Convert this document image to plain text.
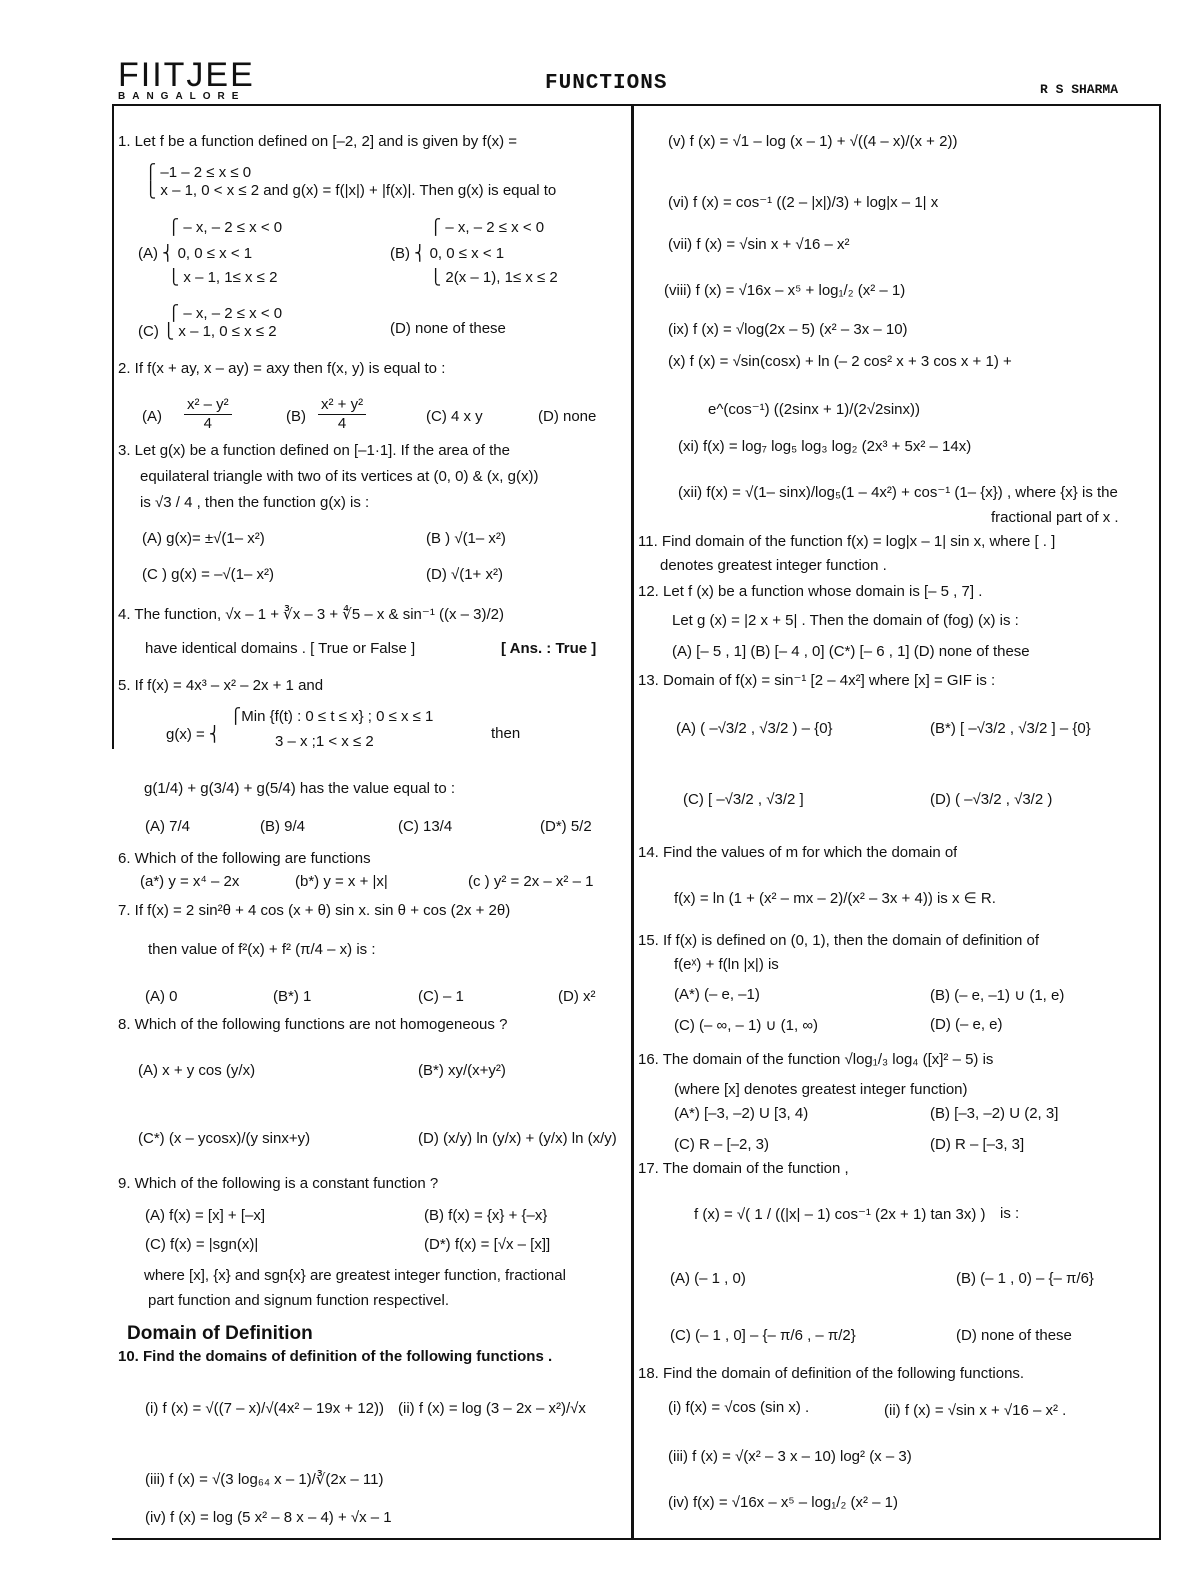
FIITJEE
BANGALORE
FUNCTIONS	R S SHARMA
1. Let f be a function defined on [–2, 2] and is given by f(x) =
⎧ –1 – 2 ≤ x ≤ 0
⎩ x – 1, 0 < x ≤ 2 and g(x) = f(|x|) + |f(x)|. Then g(x) is equal to
⎧ – x, – 2 ≤ x < 0
(A) ⎨ 0, 0 ≤ x < 1
⎩ x – 1, 1≤ x ≤ 2
⎧ – x, – 2 ≤ x < 0
(B) ⎨ 0, 0 ≤ x < 1
⎩ 2(x – 1), 1≤ x ≤ 2
⎧ – x, – 2 ≤ x < 0
(C) ⎩ x – 1, 0 ≤ x ≤ 2	(D) none of these
2. If f(x + ay, x – ay) = axy then f(x, y) is equal to :
(A)	(B)	(C) 4 x y	(D) none
3. Let g(x) be a function defined on [–1·1]. If the area of the
equilateral triangle with two of its vertices at (0, 0) & (x, g(x))
is √3 / 4 , then the function g(x) is :
(A) g(x)= ±√(1– x²)	(B ) √(1– x²)
(C ) g(x) = –√(1– x²)	(D) √(1+ x²)
4. The function, √x – 1 + ∛x – 3 + ∜5 – x & sin⁻¹ ((x – 3)/2)
have identical domains . [ True or False ]	[ Ans. : True ]
5. If f(x) = 4x³ – x² – 2x + 1 and
⎧Min {f(t) : 0 ≤ t ≤ x} ; 0 ≤ x ≤ 1
g(x) = ⎨	then
3 – x ;1 < x ≤ 2
g(1/4) + g(3/4) + g(5/4) has the value equal to :
(A) 7/4	(B) 9/4	(C) 13/4	(D*) 5/2
6. Which of the following are functions
(a*) y = x⁴ – 2x	(b*) y = x + |x|	(c ) y² = 2x – x² – 1
7. If f(x) = 2 sin²θ + 4 cos (x + θ) sin x. sin θ + cos (2x + 2θ)
then value of f²(x) + f² (π/4 – x) is :
(A) 0	(B*) 1	(C) – 1	(D) x²
8. Which of the following functions are not homogeneous ?
(A) x + y cos (y/x)	(B*) xy/(x+y²)
(C*) (x – ycosx)/(y sinx+y)	(D) (x/y) ln (y/x) + (y/x) ln (x/y)
9. Which of the following is a constant function ?
(A) f(x) = [x] + [–x]	(B) f(x) = {x} + {–x}
(C) f(x) = |sgn(x)|	(D*) f(x) = [√x – [x]]
where [x], {x} and sgn{x} are greatest integer function, fractional
part function and signum function respectivel.
10. Find the domains of definition of the following functions .
(i) f (x) = √((7 – x)/√(4x² – 19x + 12)) (ii) f (x) = log (3 – 2x – x²)/√x
(iii) f (x) = √(3 log₆₄ x – 1)/∛(2x – 11)
(iv) f (x) = log (5 x² – 8 x – 4) + √x – 1
(v) f (x) = √1 – log (x – 1) + √((4 – x)/(x + 2))
(vi) f (x) = cos⁻¹ ((2 – |x|)/3) + log|x – 1| x
(vii) f (x) = √sin x + √16 – x²
(viii) f (x) = √16x – x⁵ + log₁/₂ (x² – 1)
(ix) f (x) = √log(2x – 5) (x² – 3x – 10)
(x) f (x) = √sin(cosx) + ln (– 2 cos² x + 3 cos x + 1) +
e^(cos⁻¹) ((2sinx + 1)/(2√2sinx))
(xi) f(x) = log₇ log₅ log₃ log₂ (2x³ + 5x² – 14x)
(xii) f(x) = √(1– sinx)/log₅(1 – 4x²) + cos⁻¹ (1– {x}) , where {x} is the
fractional part of x .
11. Find domain of the function f(x) = log|x – 1| sin x, where [ . ]
denotes greatest integer function .
12. Let f (x) be a function whose domain is [– 5 , 7] .
Let g (x) = |2 x + 5| . Then the domain of (fog) (x) is :
(A) [– 5 , 1] (B) [– 4 , 0] (C*) [– 6 , 1] (D) none of these
13. Domain of f(x) = sin⁻¹ [2 – 4x²] where [x] = GIF is :
(A) ( –√3/2 , √3/2 ) – {0}	(B*) [ –√3/2 , √3/2 ] – {0}
(C) [ –√3/2 , √3/2 ]	(D) ( –√3/2 , √3/2 )
14. Find the values of m for which the domain of
f(x) = ln (1 + (x² – mx – 2)/(x² – 3x + 4)) is x ∈ R.
15. If f(x) is defined on (0, 1), then the domain of definition of
f(eˣ) + f(ln |x|) is
(A*) (– e, –1)	(B) (– e, –1) ∪ (1, e)
(C) (– ∞, – 1) ∪ (1, ∞)	(D) (– e, e)
16. The domain of the function √log₁/₃ log₄ ([x]² – 5) is
(where [x] denotes greatest integer function)
(A*) [–3, –2) U [3, 4)	(B) [–3, –2) U (2, 3]
(C) R – [–2, 3)	(D) R – [–3, 3]
17. The domain of the function ,
f (x) = √( 1 / ((|x| – 1) cos⁻¹ (2x + 1) tan 3x) ) is :
(A) (– 1 , 0)	(B) (– 1 , 0) – {– π/6}
(C) (– 1 , 0] – {– π/6 , – π/2}	(D) none of these
18. Find the domain of definition of the following functions.
(i) f(x) = √cos (sin x) .	(ii) f (x) = √sin x + √16 – x² .
(iii) f (x) = √(x² – 3 x – 10) log² (x – 3)
(iv) f(x) = √16x – x⁵ – log₁/₂ (x² – 1)
Domain of Definition
$\frac{\text{x² – y²}}{4}$	$\frac{\text{x² + y²}}{4}$
